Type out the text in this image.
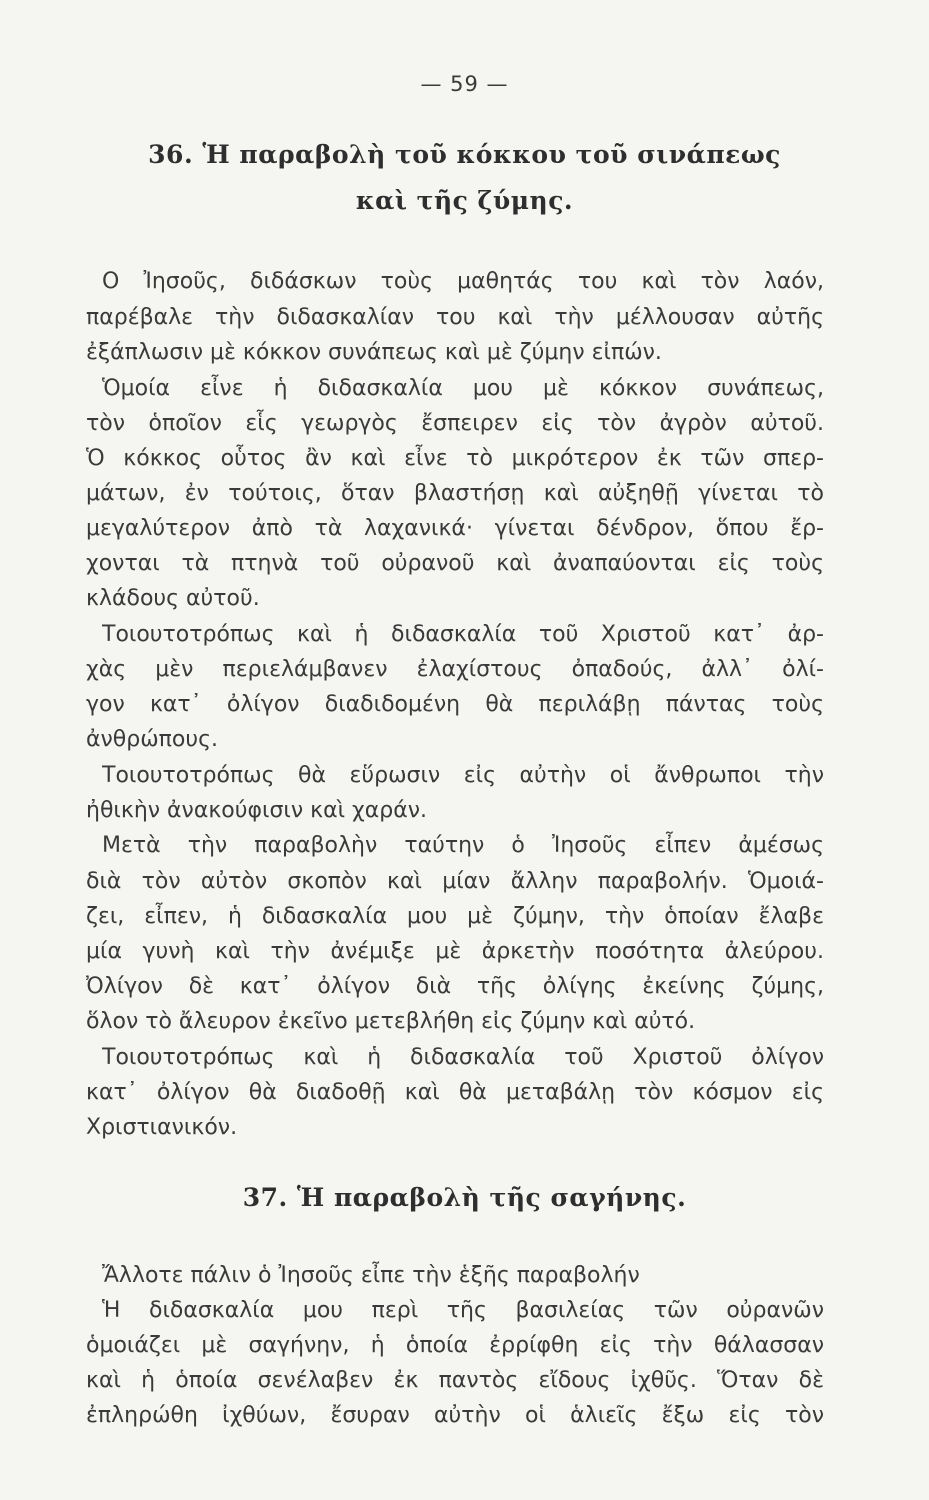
— 59 —
36. Ἡ παραβολὴ τοῦ κόκκου τοῦ σινάπεως
καὶ τῆς ζύμης.
Ο Ἰησοῦς, διδάσκων τοὺς μαθητάς του καὶ τὸν λαόν,
παρέβαλε τὴν διδασκαλίαν του καὶ τὴν μέλλουσαν αὐτῆς
ἐξάπλωσιν μὲ κόκκον συνάπεως καὶ μὲ ζύμην εἰπών.
Ὁμοία εἶνε ἡ διδασκαλία μου μὲ κόκκον συνάπεως,
τὸν ὁποῖον εἷς γεωργὸς ἔσπειρεν εἰς τὸν ἀγρὸν αὐτοῦ.
Ὁ κόκκος οὗτος ἂν καὶ εἶνε τὸ μικρότερον ἐκ τῶν σπερ-
μάτων, ἐν τούτοις, ὅταν βλαστήσῃ καὶ αὐξηθῇ γίνεται τὸ
μεγαλύτερον ἀπὸ τὰ λαχανικά· γίνεται δένδρον, ὅπου ἔρ-
χονται τὰ πτηνὰ τοῦ οὐρανοῦ καὶ ἀναπαύονται εἰς τοὺς
κλάδους αὐτοῦ.
Τοιουτοτρόπως καὶ ἡ διδασκαλία τοῦ Χριστοῦ κατ᾽ ἀρ-
χὰς μὲν περιελάμβανεν ἐλαχίστους ὀπαδούς, ἀλλ᾽ ὀλί-
γον κατ᾽ ὀλίγον διαδιδομένη θὰ περιλάβῃ πάντας τοὺς
ἀνθρώπους.
Τοιουτοτρόπως θὰ εὕρωσιν εἰς αὐτὴν οἱ ἄνθρωποι τὴν
ἠθικὴν ἀνακούφισιν καὶ χαράν.
Μετὰ τὴν παραβολὴν ταύτην ὁ Ἰησοῦς εἶπεν ἀμέσως
διὰ τὸν αὐτὸν σκοπὸν καὶ μίαν ἄλλην παραβολήν. Ὁμοιά-
ζει, εἶπεν, ἡ διδασκαλία μου μὲ ζύμην, τὴν ὁποίαν ἔλαβε
μία γυνὴ καὶ τὴν ἀνέμιξε μὲ ἀρκετὴν ποσότητα ἀλεύρου.
Ὀλίγον δὲ κατ᾽ ὀλίγον διὰ τῆς ὀλίγης ἐκείνης ζύμης,
ὅλον τὸ ἄλευρον ἐκεῖνο μετεβλήθη εἰς ζύμην καὶ αὐτό.
Τοιουτοτρόπως καὶ ἡ διδασκαλία τοῦ Χριστοῦ ὀλίγον
κατ᾽ ὀλίγον θὰ διαδοθῇ καὶ θὰ μεταβάλῃ τὸν κόσμον εἰς
Χριστιανικόν.
37. Ἡ παραβολὴ τῆς σαγήνης.
Ἄλλοτε πάλιν ὁ Ἰησοῦς εἶπε τὴν ἑξῆς παραβολήν
Ἡ διδασκαλία μου περὶ τῆς βασιλείας τῶν οὐρανῶν
ὁμοιάζει μὲ σαγήνην, ἡ ὁποία ἐρρίφθη εἰς τὴν θάλασσαν
καὶ ἡ ὁποία σενέλαβεν ἐκ παντὸς εἴδους ἰχθῦς. Ὅταν δὲ
ἐπληρώθη ἰχθύων, ἔσυραν αὐτὴν οἱ ἁλιεῖς ἔξω εἰς τὸν
